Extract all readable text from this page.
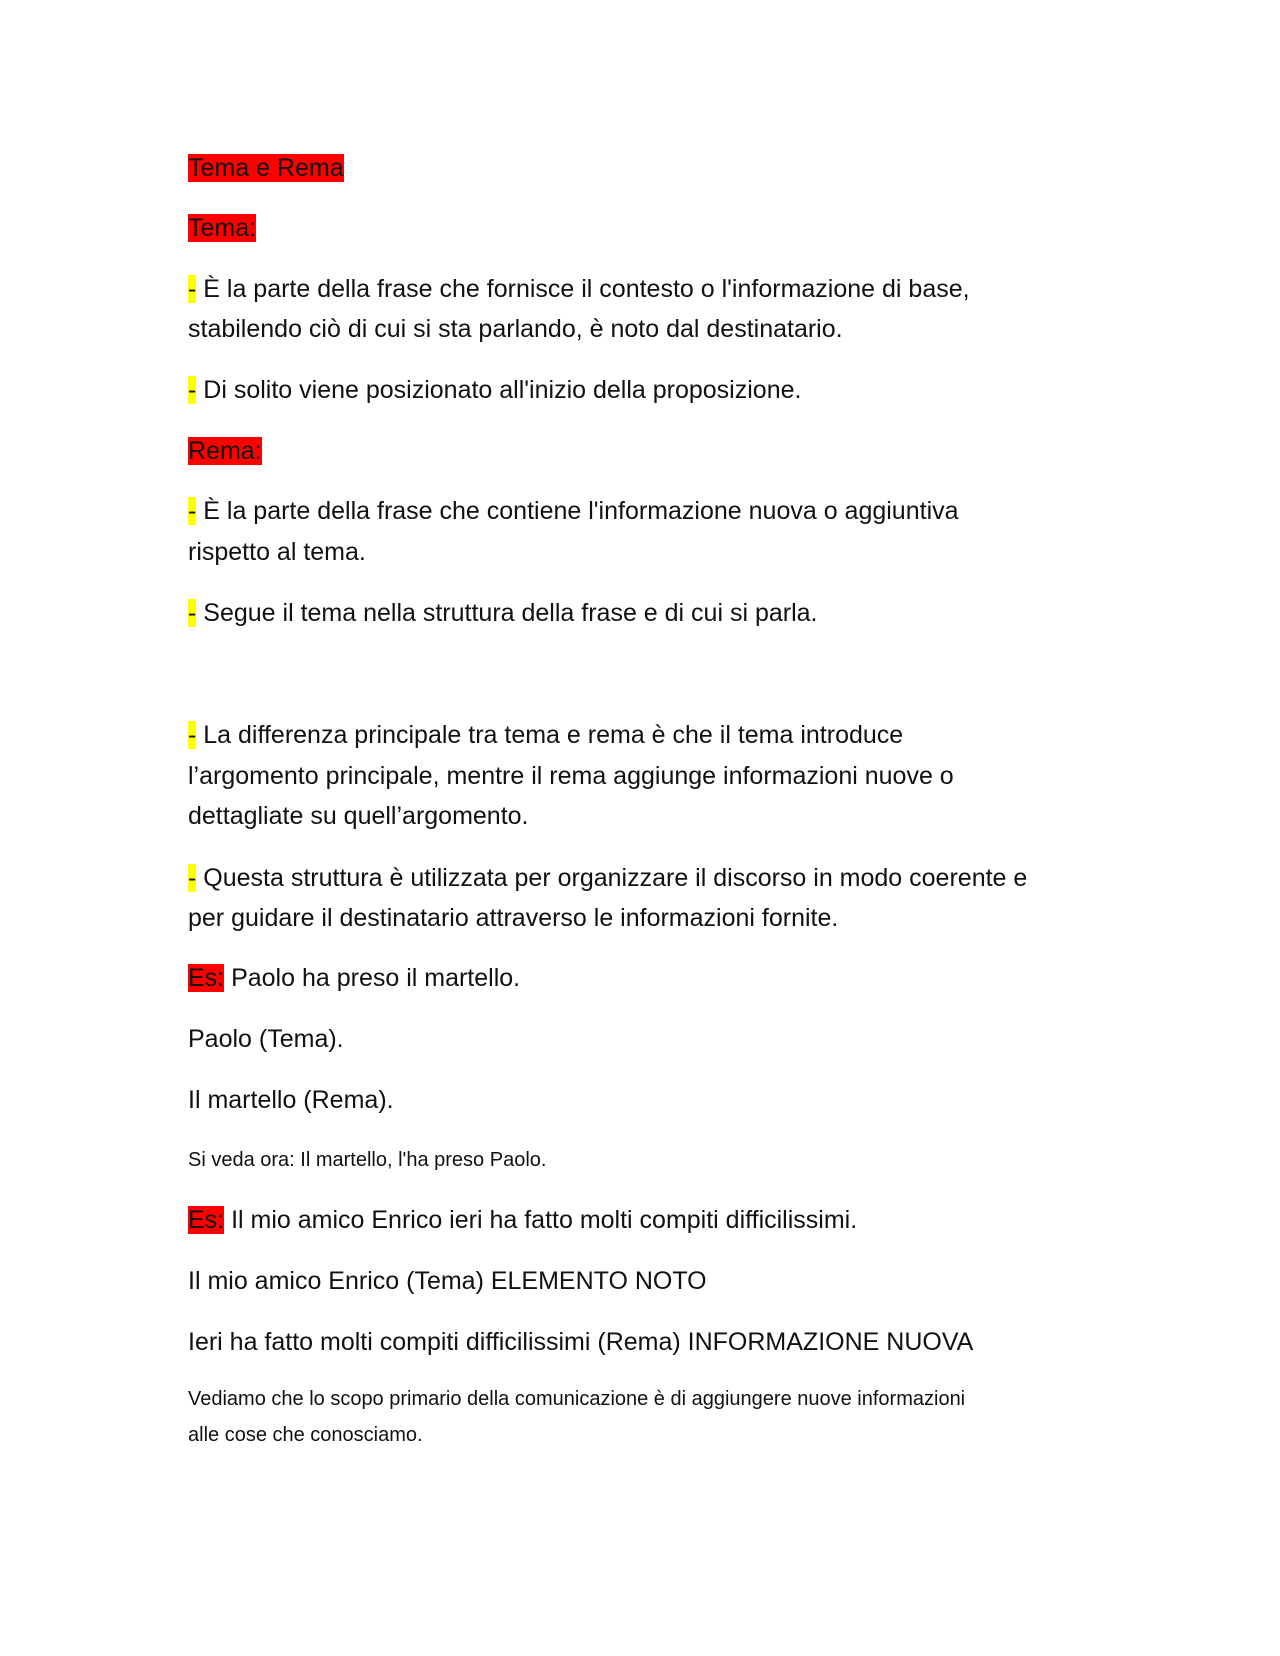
Tema e Rema
Tema:
- È la parte della frase che fornisce il contesto o l'informazione di base,
stabilendo ciò di cui si sta parlando, è noto dal destinatario.
- Di solito viene posizionato all'inizio della proposizione.
Rema:
- È la parte della frase che contiene l'informazione nuova o aggiuntiva
rispetto al tema.
- Segue il tema nella struttura della frase e di cui si parla.
- La differenza principale tra tema e rema è che il tema introduce
l’argomento principale, mentre il rema aggiunge informazioni nuove o
dettagliate su quell’argomento.
- Questa struttura è utilizzata per organizzare il discorso in modo coerente e
per guidare il destinatario attraverso le informazioni fornite.
Es: Paolo ha preso il martello.
Paolo (Tema).
Il martello (Rema).
Si veda ora: Il martello, l'ha preso Paolo.
Es: Il mio amico Enrico ieri ha fatto molti compiti difficilissimi.
Il mio amico Enrico (Tema) ELEMENTO NOTO
Ieri ha fatto molti compiti difficilissimi (Rema) INFORMAZIONE NUOVA
Vediamo che lo scopo primario della comunicazione è di aggiungere nuove informazioni
alle cose che conosciamo.
